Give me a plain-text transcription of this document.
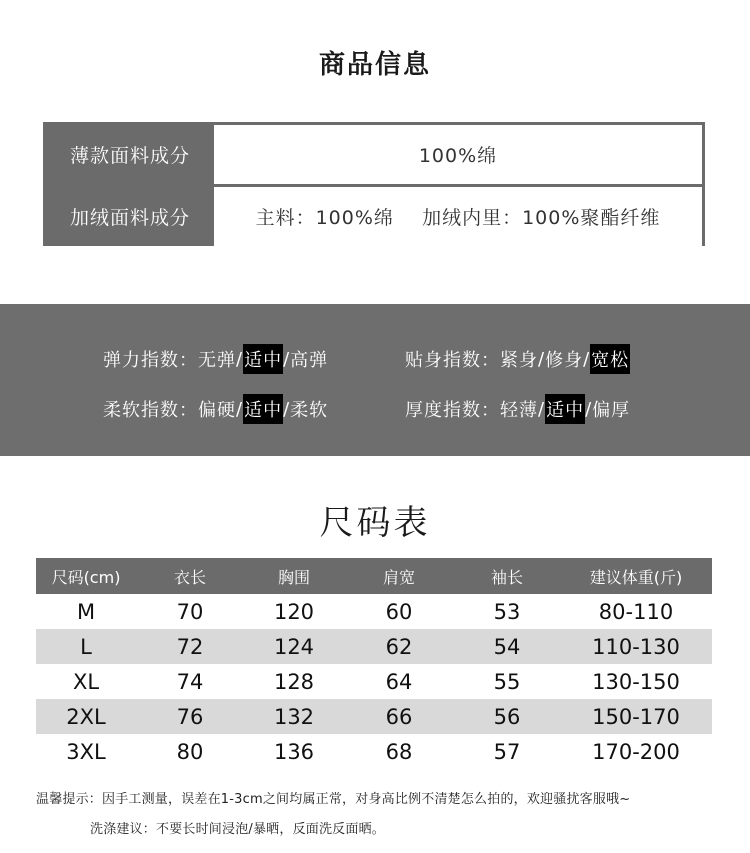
商品信息
薄款面料成分	100%绵
加绒面料成分	主料：100%绵    加绒内里：100%聚酯纤维
弹力指数： 无弹 / 适中 / 高弹	贴身指数： 紧身 / 修身 / 宽松
柔软指数： 偏硬 / 适中 / 柔软	厚度指数： 轻薄 / 适中 / 偏厚
尺码表
尺码(cm)	衣长	胸围	肩宽	袖长	建议体重(斤)
M	70	120	60	53	80-110
L	72	124	62	54	110-130
XL	74	128	64	55	130-150
2XL	76	132	66	56	150-170
3XL	80	136	68	57	170-200
温馨提示：因手工测量，误差在1-3cm之间均属正常，对身高比例不清楚怎么拍的，欢迎骚扰客服哦~
洗涤建议：不要长时间浸泡/暴晒，反面洗反面晒。
